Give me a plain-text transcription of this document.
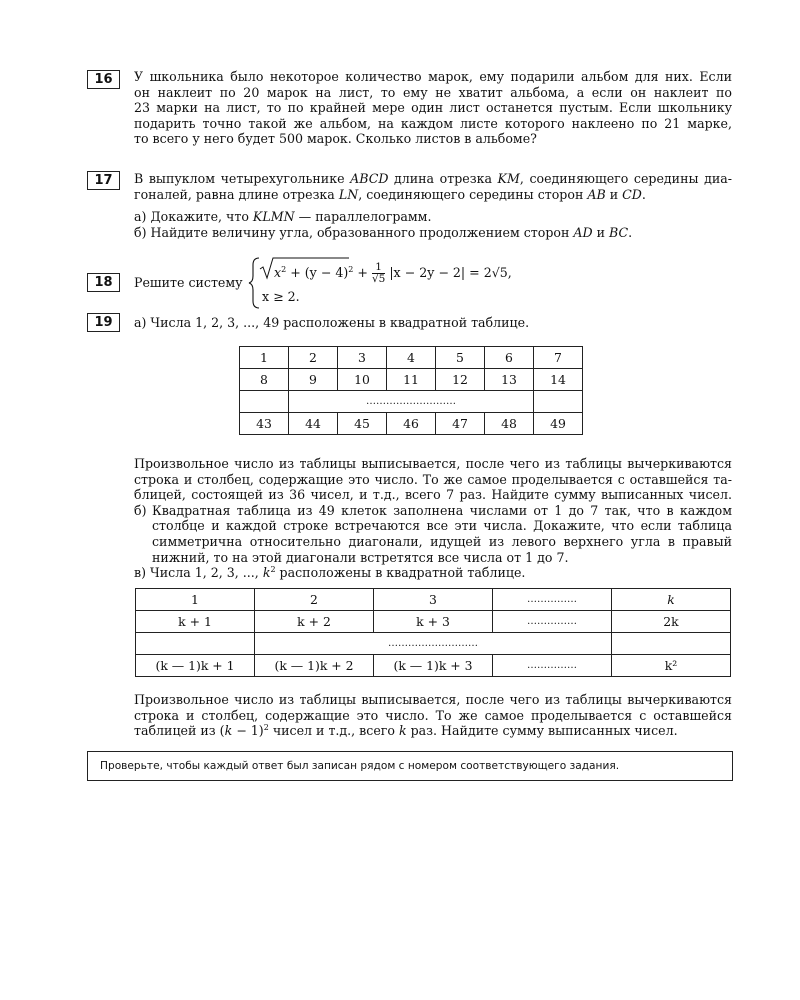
16	У школьника было некоторое количество марок, ему подарили альбом для них. Если
он наклеит по 20 марок на лист, то ему не хватит альбома, а если он наклеит по
23 марки на лист, то по крайней мере один лист останется пустым. Если школьнику
подарить точно такой же альбом, на каждом листе которого наклеено по 21 марке,
то всего у него будет 500 марок. Сколько листов в альбоме?
17	В выпуклом четырехугольнике ABCD длина отрезка KM, соединяющего середины диа-
гоналей, равна длине отрезка LN, соединяющего середины сторон AB и CD.
а) Докажите, что KLMN — параллелограмм.
б) Найдите величину угла, образованного продолжением сторон AD и BC.
18	Решите систему
$x^2 + (y - 4)^2 + \frac{1}{√5} |x - 2y - 2| = 2√5$,
x ≥ 2.
19	а) Числа 1, 2, 3, ..., 49 расположены в квадратной таблице.
1	2	3	4	5	6	7
8	9	10	11	12	13	14
	………………………					
43	44	45	46	47	48	49
Произвольное число из таблицы выписывается, после чего из таблицы вычеркиваются
строка и столбец, содержащие это число. То же самое проделывается с оставшейся та-
блицей, состоящей из 36 чисел, и т.д., всего 7 раз. Найдите сумму выписанных чисел.
б) Квадратная таблица из 49 клеток заполнена числами от 1 до 7 так, что в каждом
столбце и каждой строке встречаются все эти числа. Докажите, что если таблица
симметрична относительно диагонали, идущей из левого верхнего угла в правый
нижний, то на этой диагонали встретятся все числа от 1 до 7.
в) Числа 1, 2, 3, ..., $k^2$ расположены в квадратной таблице.
1	2	3	……………	k
k + 1	k + 2	k + 3	……………	2k
	………………………			
(k — 1)k + 1	(k — 1)k + 2	(k — 1)k + 3	……………	k²
Произвольное число из таблицы выписывается, после чего из таблицы вычеркиваются
строка и столбец, содержащие это число. То же самое проделывается с оставшейся
таблицей из $(k - 1)^2$ чисел и т.д., всего k раз. Найдите сумму выписанных чисел.
Проверьте, чтобы каждый ответ был записан рядом с номером соответствующего задания.
